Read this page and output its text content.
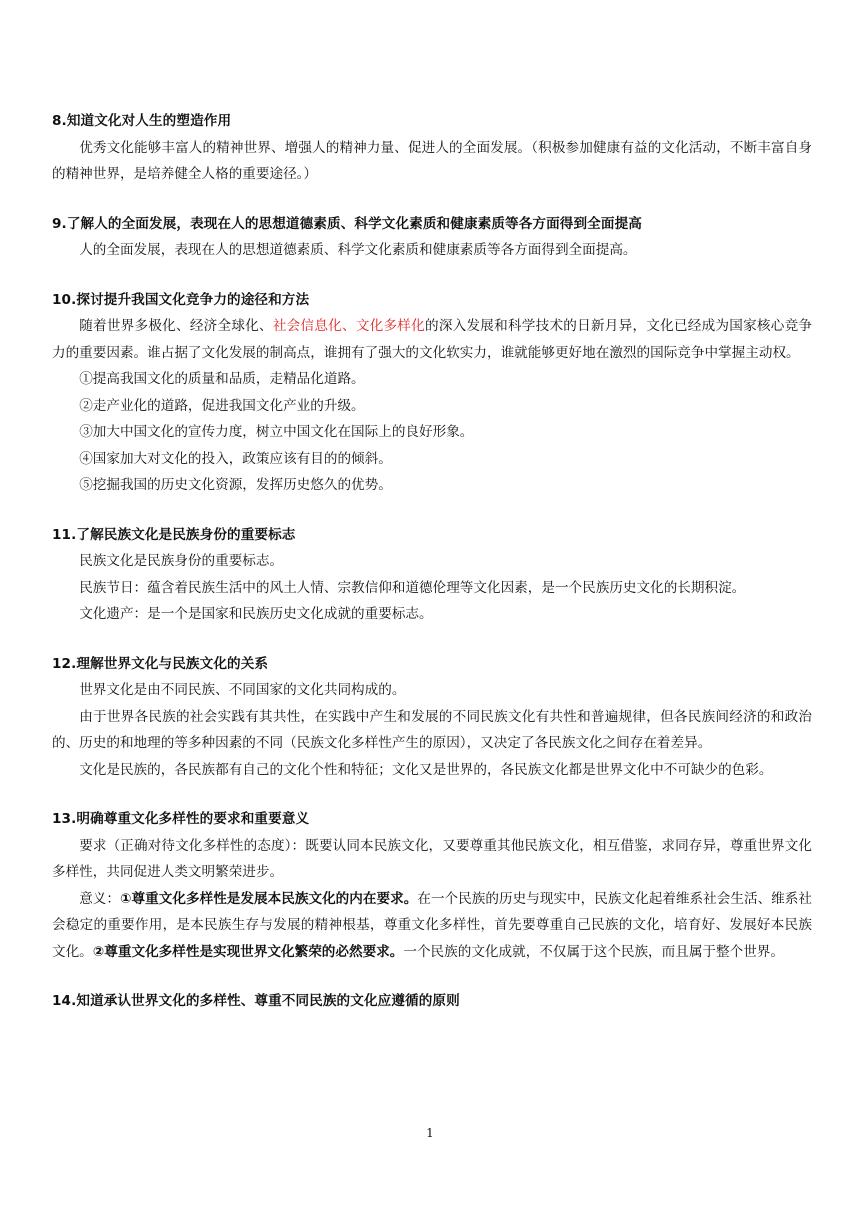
8.知道文化对人生的塑造作用

优秀文化能够丰富人的精神世界、增强人的精神力量、促进人的全面发展。（积极参加健康有益的文化活动，不断丰富自身的精神世界，是培养健全人格的重要途径。）

9.了解人的全面发展，表现在人的思想道德素质、科学文化素质和健康素质等各方面得到全面提高

人的全面发展，表现在人的思想道德素质、科学文化素质和健康素质等各方面得到全面提高。

10.探讨提升我国文化竞争力的途径和方法

随着世界多极化、经济全球化、社会信息化、文化多样化的深入发展和科学技术的日新月异，文化已经成为国家核心竞争力的重要因素。谁占据了文化发展的制高点，谁拥有了强大的文化软实力，谁就能够更好地在激烈的国际竞争中掌握主动权。

①提高我国文化的质量和品质，走精品化道路。

②走产业化的道路，促进我国文化产业的升级。

③加大中国文化的宣传力度，树立中国文化在国际上的良好形象。

④国家加大对文化的投入，政策应该有目的的倾斜。

⑤挖掘我国的历史文化资源，发挥历史悠久的优势。

11.了解民族文化是民族身份的重要标志

民族文化是民族身份的重要标志。

民族节日：蕴含着民族生活中的风土人情、宗教信仰和道德伦理等文化因素，是一个民族历史文化的长期积淀。

文化遗产：是一个是国家和民族历史文化成就的重要标志。

12.理解世界文化与民族文化的关系

世界文化是由不同民族、不同国家的文化共同构成的。

由于世界各民族的社会实践有其共性，在实践中产生和发展的不同民族文化有共性和普遍规律，但各民族间经济的和政治的、历史的和地理的等多种因素的不同（民族文化多样性产生的原因），又决定了各民族文化之间存在着差异。

文化是民族的，各民族都有自己的文化个性和特征；文化又是世界的，各民族文化都是世界文化中不可缺少的色彩。

13.明确尊重文化多样性的要求和重要意义

要求（正确对待文化多样性的态度）：既要认同本民族文化，又要尊重其他民族文化，相互借鉴，求同存异，尊重世界文化多样性，共同促进人类文明繁荣进步。

意义：①尊重文化多样性是发展本民族文化的内在要求。在一个民族的历史与现实中，民族文化起着维系社会生活、维系社会稳定的重要作用，是本民族生存与发展的精神根基，尊重文化多样性，首先要尊重自己民族的文化，培育好、发展好本民族文化。②尊重文化多样性是实现世界文化繁荣的必然要求。一个民族的文化成就，不仅属于这个民族，而且属于整个世界。

14.知道承认世界文化的多样性、尊重不同民族的文化应遵循的原则
1
